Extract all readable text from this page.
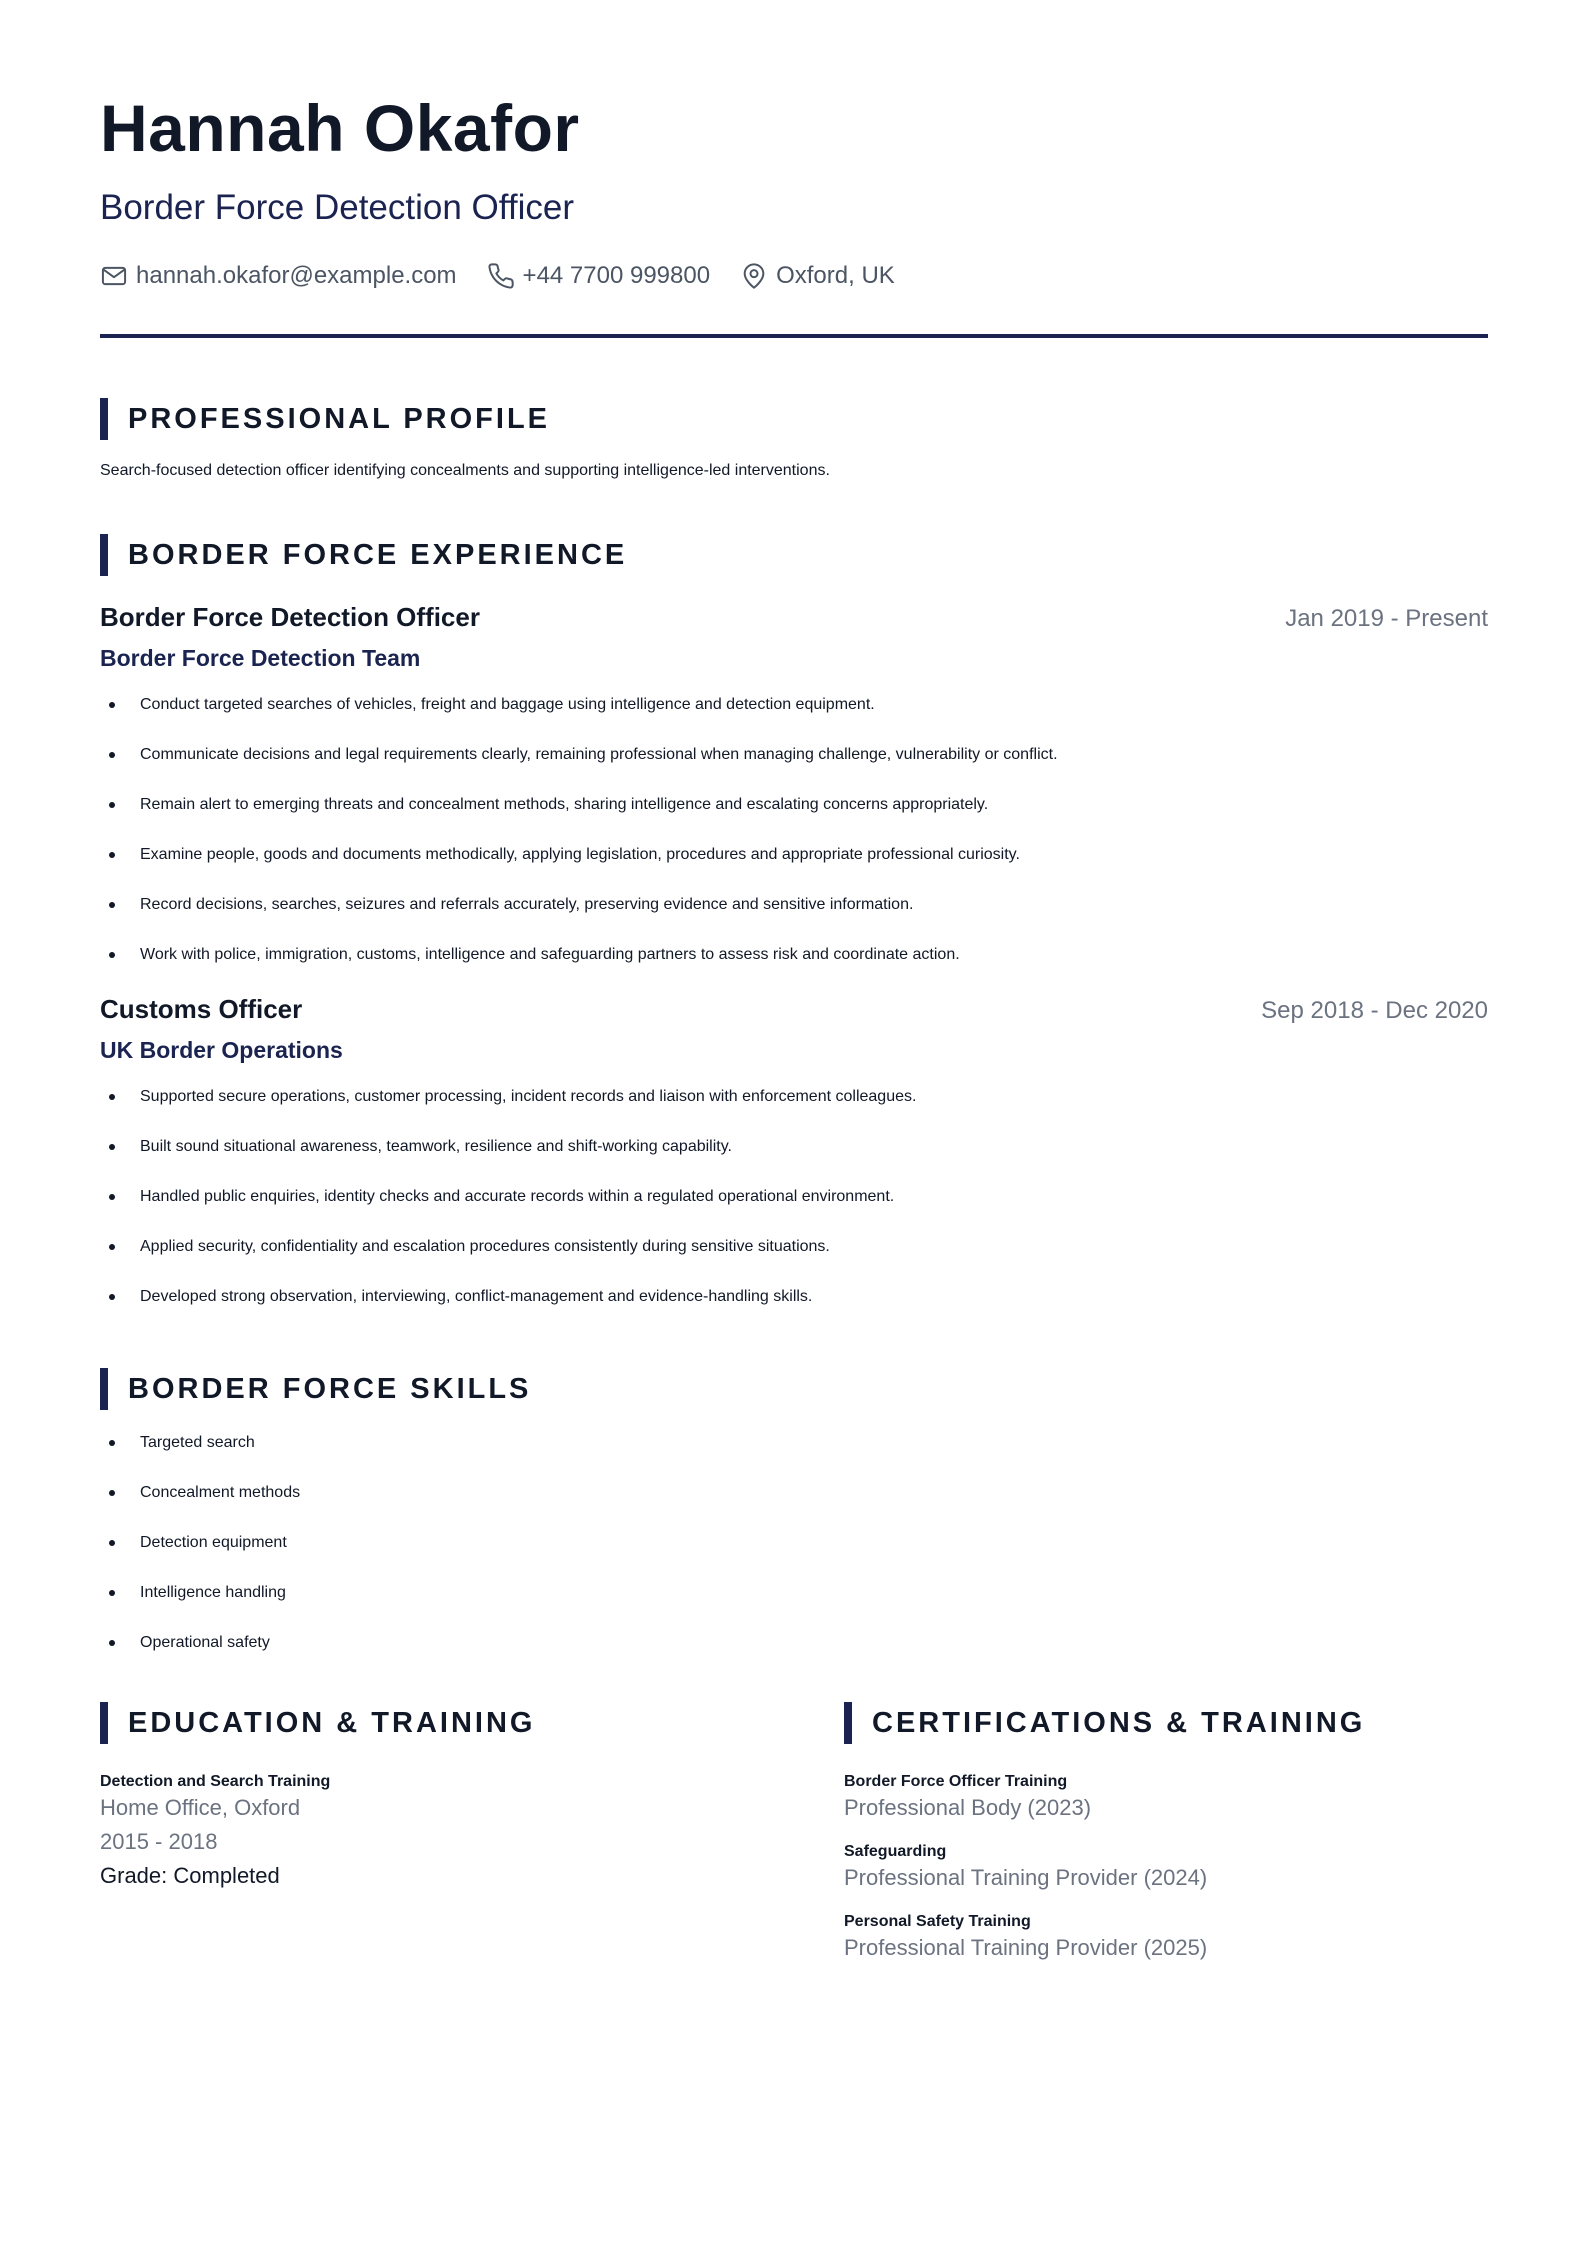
Hannah Okafor
Border Force Detection Officer
hannah.okafor@example.com	+44 7700 999800	Oxford, UK
PROFESSIONAL PROFILE
Search-focused detection officer identifying concealments and supporting intelligence-led interventions.
BORDER FORCE EXPERIENCE
Border Force Detection Officer	Jan 2019 - Present
Border Force Detection Team
Conduct targeted searches of vehicles, freight and baggage using intelligence and detection equipment.
Communicate decisions and legal requirements clearly, remaining professional when managing challenge, vulnerability or conflict.
Remain alert to emerging threats and concealment methods, sharing intelligence and escalating concerns appropriately.
Examine people, goods and documents methodically, applying legislation, procedures and appropriate professional curiosity.
Record decisions, searches, seizures and referrals accurately, preserving evidence and sensitive information.
Work with police, immigration, customs, intelligence and safeguarding partners to assess risk and coordinate action.
Customs Officer	Sep 2018 - Dec 2020
UK Border Operations
Supported secure operations, customer processing, incident records and liaison with enforcement colleagues.
Built sound situational awareness, teamwork, resilience and shift-working capability.
Handled public enquiries, identity checks and accurate records within a regulated operational environment.
Applied security, confidentiality and escalation procedures consistently during sensitive situations.
Developed strong observation, interviewing, conflict-management and evidence-handling skills.
BORDER FORCE SKILLS
Targeted search
Concealment methods
Detection equipment
Intelligence handling
Operational safety
EDUCATION & TRAINING
Detection and Search Training
Home Office, Oxford
2015 - 2018
Grade: Completed
CERTIFICATIONS & TRAINING
Border Force Officer Training
Professional Body (2023)
Safeguarding
Professional Training Provider (2024)
Personal Safety Training
Professional Training Provider (2025)
